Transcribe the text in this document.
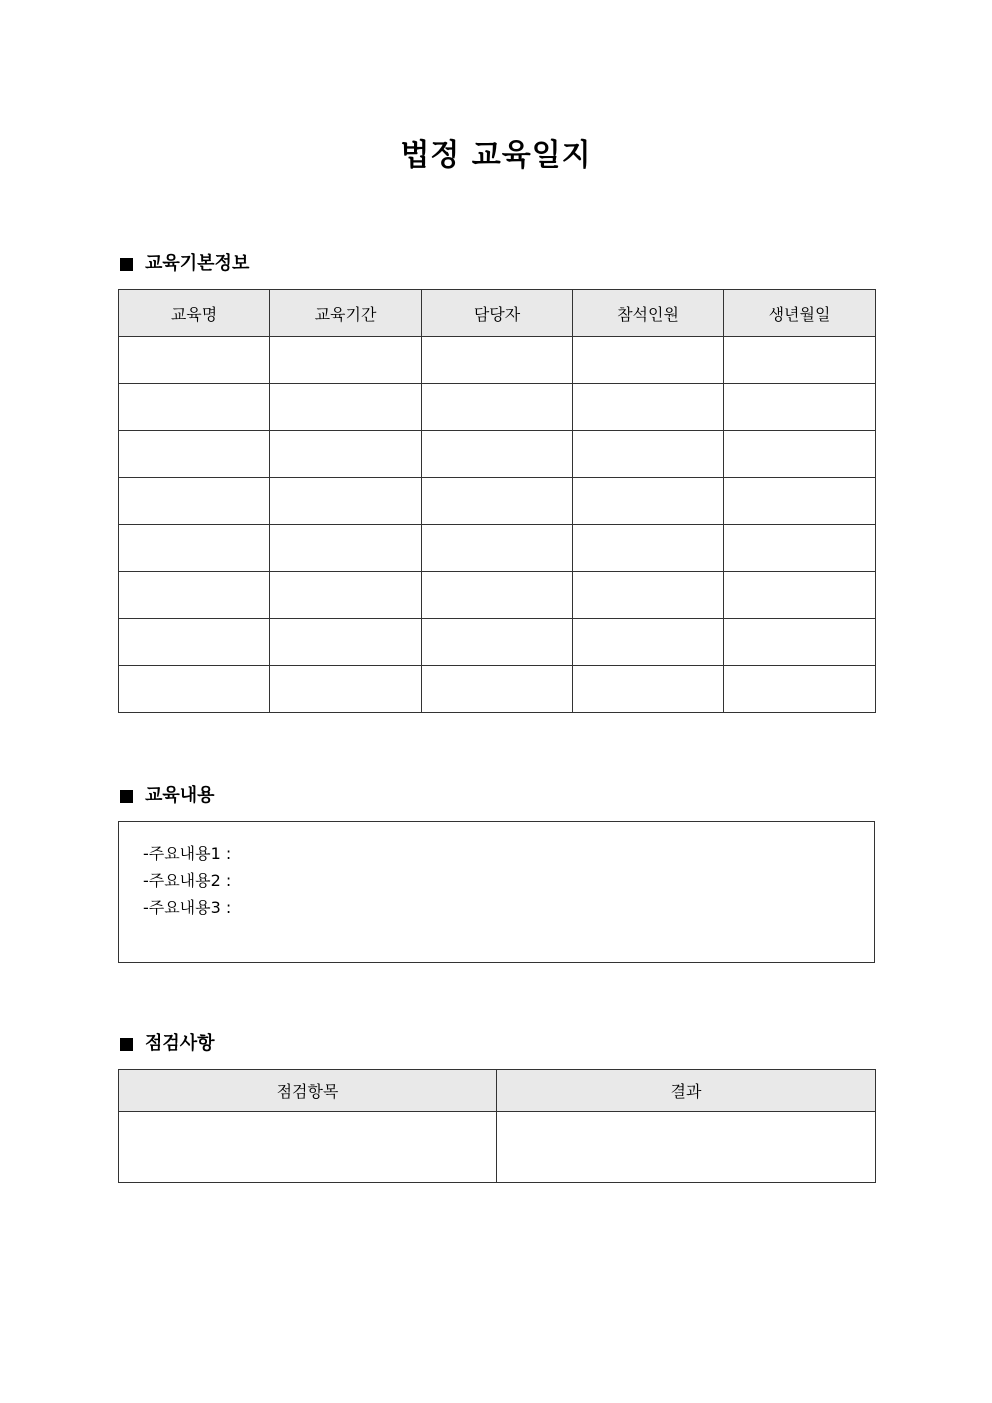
법정 교육일지
교육기본정보
교육명	교육기간	담당자	참석인원	생년월일

교육내용
-주요내용1 :
-주요내용2 :
-주요내용3 :
점검사항
점검항목	결과
